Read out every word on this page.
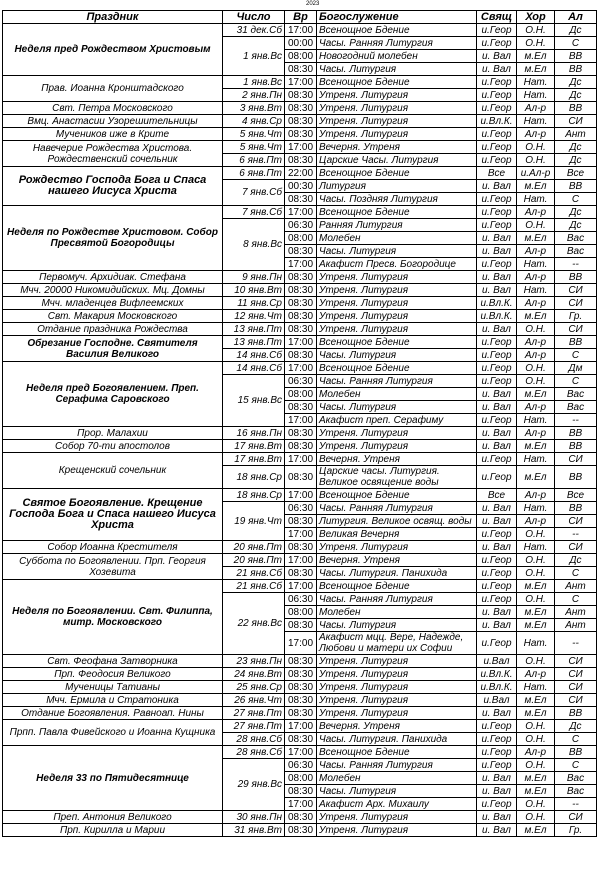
2023
Праздник	Число	Вр	Богослужение	Свящ	Хор	Ал
Неделя пред Рождеством Христовым	31 дек.Сб	17:00	Всенощное Бдение	и.Геор	О.Н.	Дс
	1 янв.Вс	00:00	Часы. Ранняя Литургия	и.Геор	О.Н.	С
		08:00	Новогодний молебен	и. Вал	м.Ел	ВВ
		08:30	Часы. Литургия	и. Вал	м.Ел	ВВ
Прав. Иоанна Кронштадского	1 янв.Вс	17:00	Всенощное Бдение	и.Геор	Нат.	Дс
	2 янв.Пн	08:30	Утреня. Литургия	и.Геор	Нат.	Дс
Свт. Петра Московского	3 янв.Вт	08:30	Утреня. Литургия	и.Геор	Ал-р	ВВ
Вмц. Анастасии Узорешительницы	4 янв.Ср	08:30	Утреня. Литургия	и.Вл.К.	Нат.	СИ
Мучеников иже в Крите	5 янв.Чт	08:30	Утреня. Литургия	и.Геор	Ал-р	Ант
Навечерие Рождества Христова. Рождественский сочельник	5 янв.Чт	17:00	Вечерня. Утреня	и.Геор	О.Н.	Дс
	6 янв.Пт	08:30	Царские Часы. Литургия	и.Геор	О.Н.	Дс
Рождество Господа Бога и Спаса нашего Иисуса Христа	6 янв.Пт	22:00	Всенощное Бдение	Все	и.Ал-р	Все
	7 янв.Сб	00:30	Литургия	и. Вал	м.Ел	ВВ
		08:30	Часы. Поздняя Литургия	и.Геор	Нат.	С
Неделя по Рождестве Христовом. Собор Пресвятой Богородицы	7 янв.Сб	17:00	Всенощное Бдение	и.Геор	Ал-р	Дс
	8 янв.Вс	06:30	Ранняя Литургия	и.Геор	О.Н.	Дс
		08:00	Молебен	и. Вал	м.Ел	Вас
		08:30	Часы. Литургия	и. Вал	Ал-р	Вас
		17:00	Акафист Пресв. Богородице	и.Геор	Нат.	--
Первомуч. Архидиак. Стефана	9 янв.Пн	08:30	Утреня. Литургия	и. Вал	Ал-р	ВВ
Мчч. 20000 Никомидийских. Мц. Домны	10 янв.Вт	08:30	Утреня. Литургия	и. Вал	Нат.	СИ
Мчч. младенцев Вифлеемских	11 янв.Ср	08:30	Утреня. Литургия	и.Вл.К.	Ал-р	СИ
Свт. Макария Московского	12 янв.Чт	08:30	Утреня. Литургия	и.Вл.К.	м.Ел	Гр.
Отдание праздника Рождества	13 янв.Пт	08:30	Утреня. Литургия	и. Вал	О.Н.	СИ
Обрезание Господне. Святителя Василия Великого	13 янв.Пт	17:00	Всенощное Бдение	и.Геор	Ал-р	ВВ
	14 янв.Сб	08:30	Часы. Литургия	и.Геор	Ал-р	С
Неделя пред Богоявлением. Преп. Серафима Саровского	14 янв.Сб	17:00	Всенощное Бдение	и.Геор	О.Н.	Дм
	15 янв.Вс	06:30	Часы. Ранняя Литургия	и.Геор	О.Н.	С
		08:00	Молебен	и. Вал	м.Ел	Вас
		08:30	Часы. Литургия	и. Вал	Ал-р	Вас
		17:00	Акафист преп. Серафиму	и.Геор	Нат.	--
Прор. Малахии	16 янв.Пн	08:30	Утреня. Литургия	и. Вал	Ал-р	ВВ
Собор 70-ти апостолов	17 янв.Вт	08:30	Утреня. Литургия	и. Вал	м.Ел	ВВ
Крещенский сочельник	17 янв.Вт	17:00	Вечерня. Утреня	и.Геор	Нат.	СИ
	18 янв.Ср	08:30	Царские часы. Литургия. Великое освящение воды	и.Геор	м.Ел	ВВ
Святое Богоявление. Крещение Господа Бога и Спаса нашего Иисуса Христа	18 янв.Ср	17:00	Всенощное Бдение	Все	Ал-р	Все
	19 янв.Чт	06:30	Часы. Ранняя Литургия	и. Вал	Нат.	ВВ
		08:30	Литургия. Великое освящ. воды	и. Вал	Ал-р	СИ
		17:00	Великая Вечерня	и.Геор	О.Н.	--
Собор Иоанна Крестителя	20 янв.Пт	08:30	Утреня. Литургия	и. Вал	Нат.	СИ
Суббота по Богоявлении. Прп. Георгия Хозевита	20 янв.Пт	17:00	Вечерня. Утреня	и.Геор	О.Н.	Дс
	21 янв.Сб	08:30	Часы. Литургия. Панихида	и.Геор	О.Н.	С
Неделя по Богоявлении. Свт. Филиппа, митр. Московского	21 янв.Сб	17:00	Всенощное Бдение	и.Геор	м.Ел	Ант
	22 янв.Вс	06:30	Часы. Ранняя Литургия	и.Геор	О.Н.	С
		08:00	Молебен	и. Вал	м.Ел	Ант
		08:30	Часы. Литургия	и. Вал	м.Ел	Ант
		17:00	Акафист мцц. Вере, Надежде, Любови и матери их Софии	и.Геор	Нат.	--
Свт. Феофана Затворника	23 янв.Пн	08:30	Утреня. Литургия	и.Вал	О.Н.	СИ
Прп. Феодосия Великого	24 янв.Вт	08:30	Утреня. Литургия	и.Вл.К.	Ал-р	СИ
Мученицы Татианы	25 янв.Ср	08:30	Утреня. Литургия	и.Вл.К.	Нат.	СИ
Мчч. Ермила и Стратоника	26 янв.Чт	08:30	Утреня. Литургия	и.Вал	м.Ел	СИ
Отдание Богоявления. Равноап. Нины	27 янв.Пт	08:30	Утреня. Литургия	и. Вал	м.Ел	ВВ
Прпп. Павла Фивейского и Иоанна Кущника	27 янв.Пт	17:00	Вечерня. Утреня	и.Геор	О.Н.	Дс
	28 янв.Сб	08:30	Часы. Литургия. Панихида	и.Геор	О.Н.	С
Неделя 33 по Пятидесятнице	28 янв.Сб	17:00	Всенощное Бдение	и.Геор	Ал-р	ВВ
	29 янв.Вс	06:30	Часы. Ранняя Литургия	и.Геор	О.Н.	С
		08:00	Молебен	и. Вал	м.Ел	Вас
		08:30	Часы. Литургия	и. Вал	м.Ел	Вас
		17:00	Акафист Арх. Михаилу	и.Геор	О.Н.	--
Преп. Антония Великого	30 янв.Пн	08:30	Утреня. Литургия	и. Вал	О.Н.	СИ
Прп. Кирилла и Марии	31 янв.Вт	08:30	Утреня. Литургия	и. Вал	м.Ел	Гр.
